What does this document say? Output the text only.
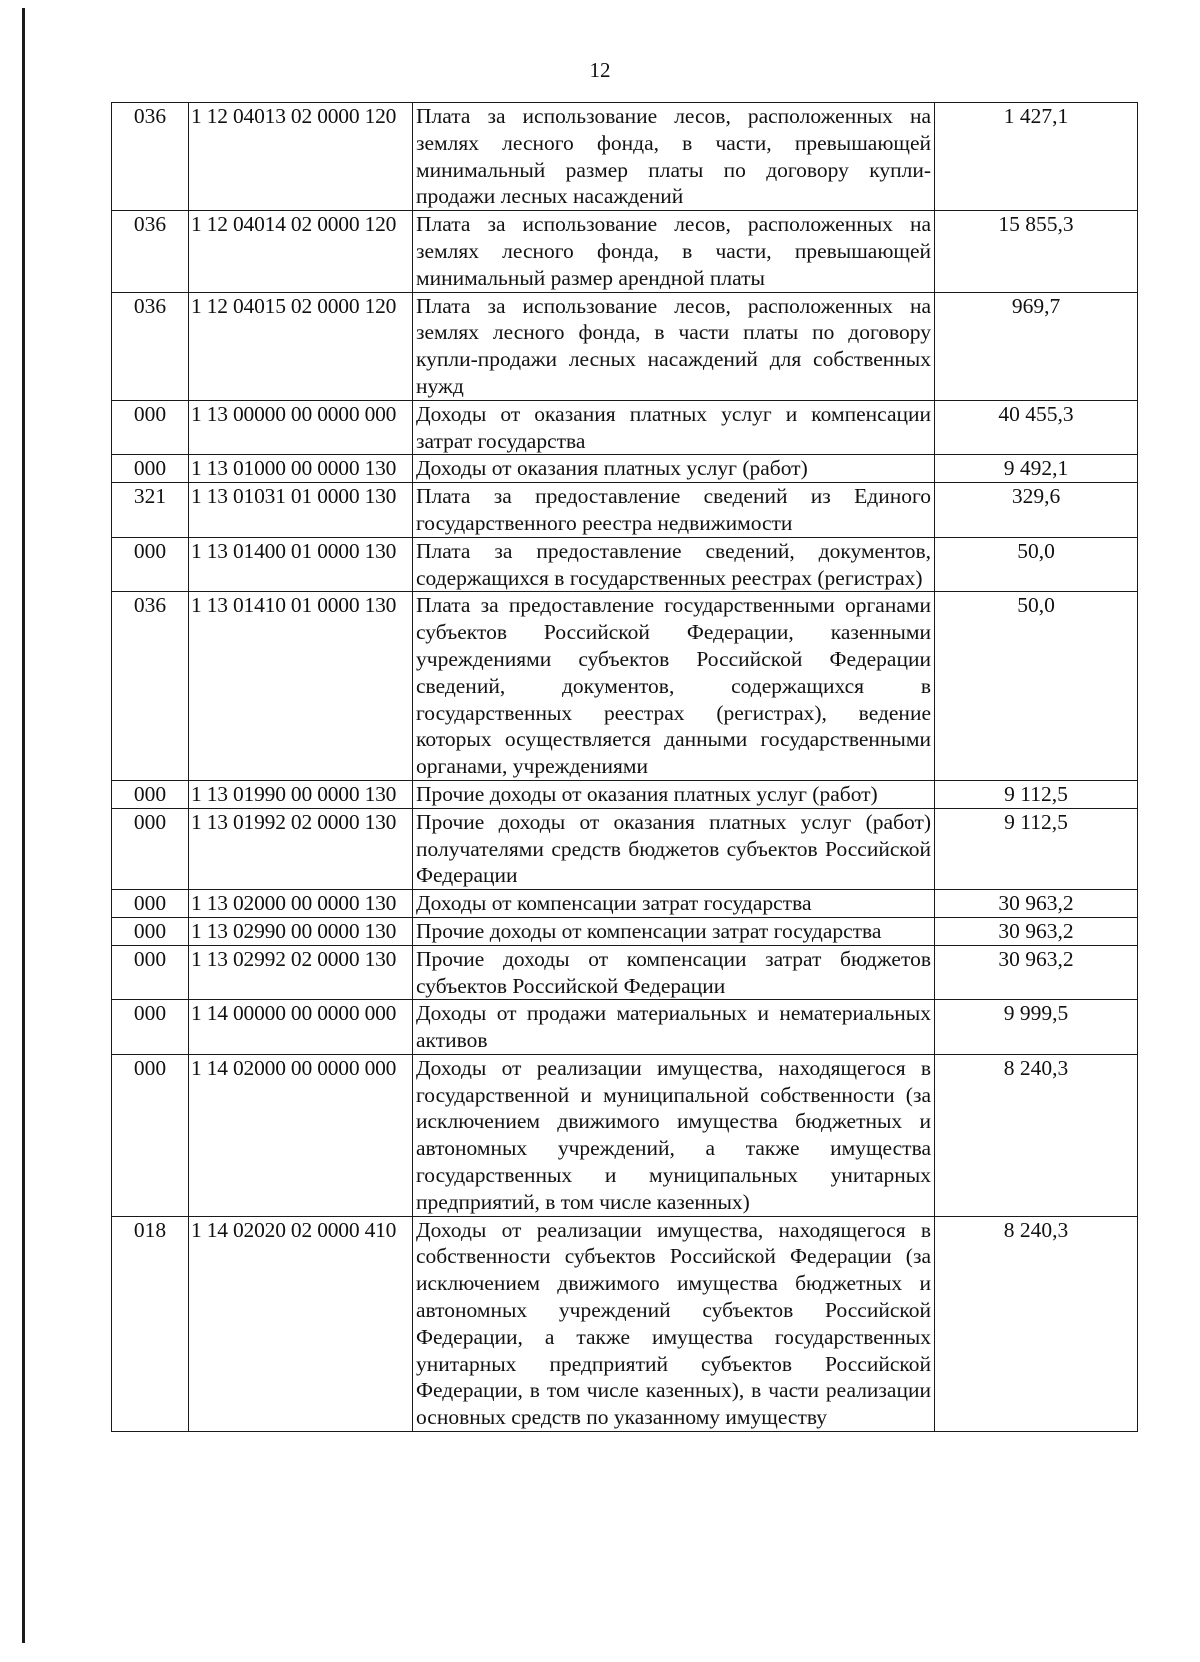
12
036	1 12 04013 02 0000 120	Плата за использование лесов, расположенных на землях лесного фонда, в части, превышающей минимальный размер платы по договору купли-продажи лесных насаждений	1 427,1
036	1 12 04014 02 0000 120	Плата за использование лесов, расположенных на землях лесного фонда, в части, превышающей минимальный размер арендной платы	15 855,3
036	1 12 04015 02 0000 120	Плата за использование лесов, расположенных на землях лесного фонда, в части платы по договору купли-продажи лесных насаждений для собственных нужд	969,7
000	1 13 00000 00 0000 000	Доходы от оказания платных услуг и компенсации затрат государства	40 455,3
000	1 13 01000 00 0000 130	Доходы от оказания платных услуг (работ)	9 492,1
321	1 13 01031 01 0000 130	Плата за предоставление сведений из Единого государственного реестра недвижимости	329,6
000	1 13 01400 01 0000 130	Плата за предоставление сведений, документов, содержащихся в государственных реестрах (регистрах)	50,0
036	1 13 01410 01 0000 130	Плата за предоставление государственными органами субъектов Российской Федерации, казенными учреждениями субъектов Российской Федерации сведений, документов, содержащихся в государственных реестрах (регистрах), ведение которых осуществляется данными государственными органами, учреждениями	50,0
000	1 13 01990 00 0000 130	Прочие доходы от оказания платных услуг (работ)	9 112,5
000	1 13 01992 02 0000 130	Прочие доходы от оказания платных услуг (работ) получателями средств бюджетов субъектов Российской Федерации	9 112,5
000	1 13 02000 00 0000 130	Доходы от компенсации затрат государства	30 963,2
000	1 13 02990 00 0000 130	Прочие доходы от компенсации затрат государства	30 963,2
000	1 13 02992 02 0000 130	Прочие доходы от компенсации затрат бюджетов субъектов Российской Федерации	30 963,2
000	1 14 00000 00 0000 000	Доходы от продажи материальных и нематериальных активов	9 999,5
000	1 14 02000 00 0000 000	Доходы от реализации имущества, находящегося в государственной и муниципальной собственности (за исключением движимого имущества бюджетных и автономных учреждений, а также имущества государственных и муниципальных унитарных предприятий, в том числе казенных)	8 240,3
018	1 14 02020 02 0000 410	Доходы от реализации имущества, находящегося в собственности субъектов Российской Федерации (за исключением движимого имущества бюджетных и автономных учреждений субъектов Российской Федерации, а также имущества государственных унитарных предприятий субъектов Российской Федерации, в том числе казенных), в части реализации основных средств по указанному имуществу	8 240,3
